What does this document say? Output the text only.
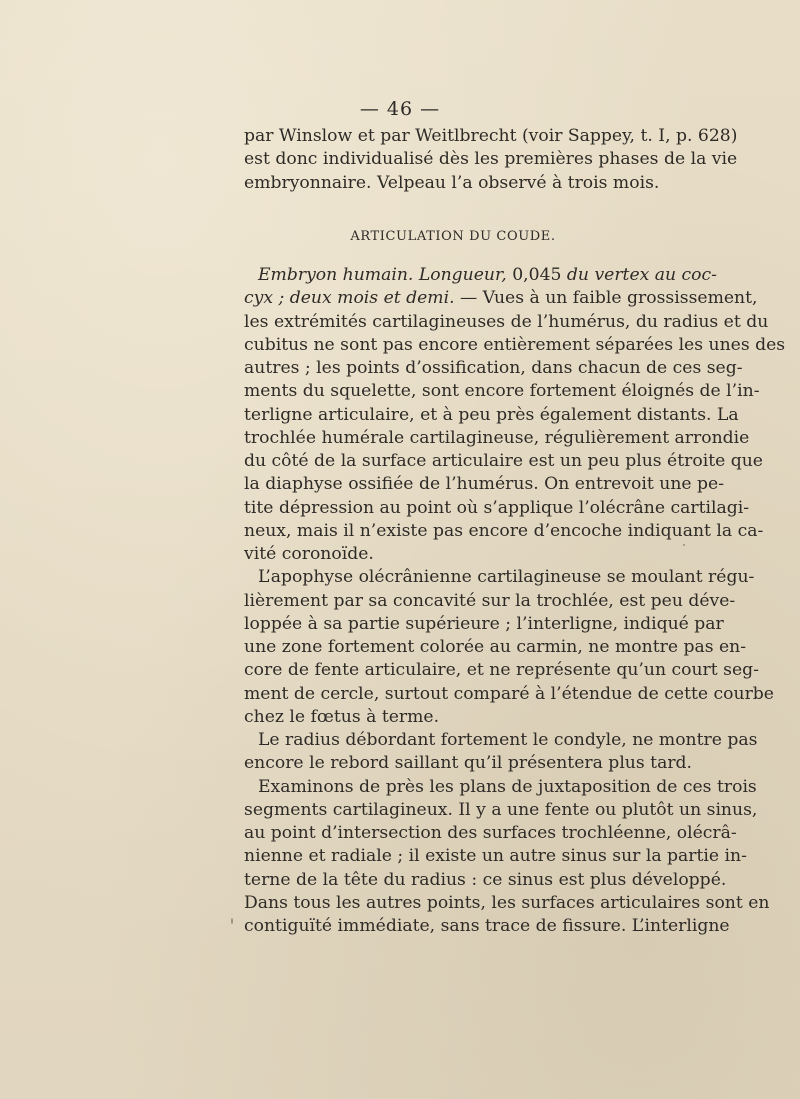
— 46 —
par Winslow et par Weitlbrecht (voir Sappey, t. I, p. 628)
est donc individualisé dès les premières phases de la vie
embryonnaire. Velpeau l’a observé à trois mois.
ARTICULATION DU COUDE.

Embryon humain. Longueur, 0,045 du vertex au coc-
cyx ; deux mois et demi. — Vues à un faible grossissement,
les extrémités cartilagineuses de l’humérus, du radius et du
cubitus ne sont pas encore entièrement séparées les unes des
autres ; les points d’ossification, dans chacun de ces seg-
ments du squelette, sont encore fortement éloignés de l’in-
terligne articulaire, et à peu près également distants. La
trochlée humérale cartilagineuse, régulièrement arrondie
du côté de la surface articulaire est un peu plus étroite que
la diaphyse ossifiée de l’humérus. On entrevoit une pe-
tite dépression au point où s’applique l’olécrâne cartilagi-
neux, mais il n’existe pas encore d’encoche indiquant la ca-
vité coronoïde.

L’apophyse olécrânienne cartilagineuse se moulant régu-
lièrement par sa concavité sur la trochlée, est peu déve-
loppée à sa partie supérieure ; l’interligne, indiqué par
une zone fortement colorée au carmin, ne montre pas en-
core de fente articulaire, et ne représente qu’un court seg-
ment de cercle, surtout comparé à l’étendue de cette courbe
chez le fœtus à terme.

Le radius débordant fortement le condyle, ne montre pas
encore le rebord saillant qu’il présentera plus tard.

Examinons de près les plans de juxtaposition de ces trois
segments cartilagineux. Il y a une fente ou plutôt un sinus,
au point d’intersection des surfaces trochléenne, olécrâ-
nienne et radiale ; il existe un autre sinus sur la partie in-
terne de la tête du radius : ce sinus est plus développé.
Dans tous les autres points, les surfaces articulaires sont en
contiguïté immédiate, sans trace de fissure. L’interligne
